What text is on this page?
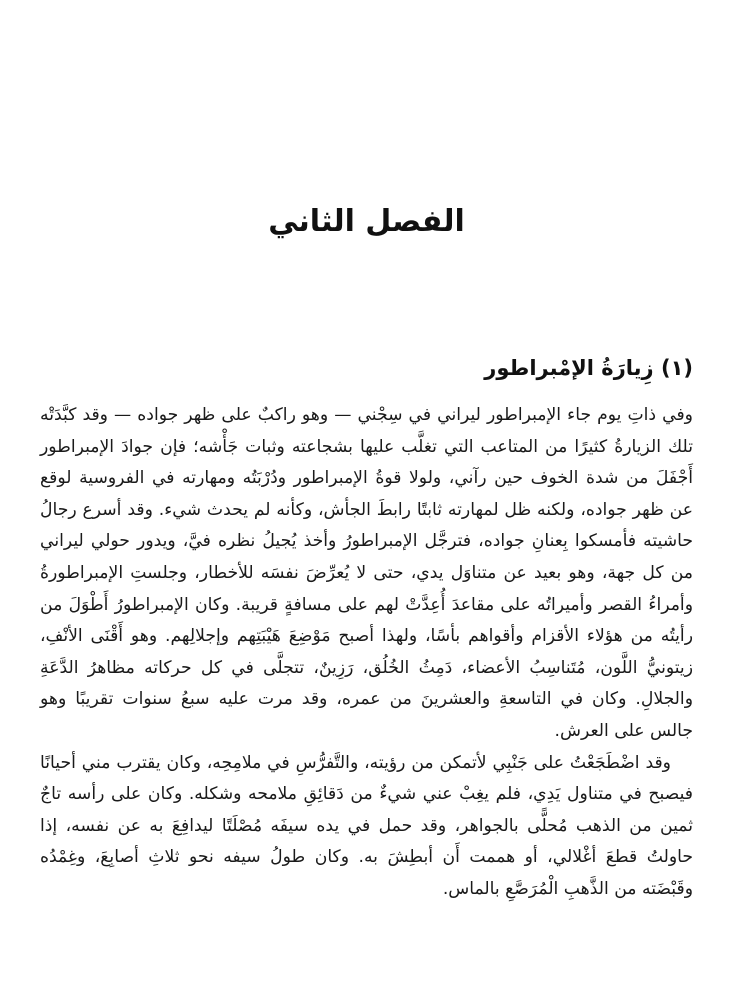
الفصل الثاني
(١) زِيارَةُ الإمْبراطور

وفي ذاتِ يوم جاء الإمبراطور ليراني في سِجْني — وهو راكبٌ على ظهر جواده — وقد كبَّدَتْه تلك الزيارةُ كثيرًا من المتاعب التي تغلَّب عليها بشجاعته وثبات جَأْشه؛ فإن جوادَ الإمبراطور أَجْفَلَ من شدة الخوف حين رآني، ولولا قوةُ الإمبراطور ودُرْبَتُه ومهارته في الفروسية لوقع عن ظهر جواده، ولكنه ظل لمهارته ثابتًا رابطَ الجأش، وكأنه لم يحدث شيء. وقد أسرع رجالُ حاشيته فأمسكوا بِعنانِ جواده، فترجَّل الإمبراطورُ وأخذ يُجيلُ نظره فيَّ، ويدور حولي ليراني من كل جهة، وهو بعيد عن متناوَل يدي، حتى لا يُعرِّضَ نفسَه للأخطار، وجلستِ الإمبراطورةُ وأمراءُ القصر وأميراتُه على مقاعدَ أُعِدَّتْ لهم على مسافةٍ قريبة. وكان الإمبراطورُ أَطْوَلَ من رأيتُه من هؤلاء الأقزام وأقواهم بأسًا، ولهذا أصبح مَوْضِعَ هَيْبَتِهم وإجلالِهم. وهو أَقْنَى الأنْفِ، زيتونيُّ اللَّون، مُتَناسِبُ الأعضاء، دَمِثُ الخُلُق، رَزِينٌ، تتجلَّى في كل حركاته مظاهرُ الدَّعَةِ والجلالِ. وكان في التاسعةِ والعشرينَ من عمره، وقد مرت عليه سبعُ سنوات تقريبًا وهو جالس على العرش.

وقد اضْطَجَعْتُ على جَنْبِي لأتمكن من رؤيته، والتَّفرُّسِ في ملامِحِه، وكان يقترب مني أحيانًا فيصبح في متناول يَدِي، فلم يغِبْ عني شيءٌ من دَقائِقِ ملامحه وشكله. وكان على رأسه تاجٌ ثمين من الذهب مُحلًّى بالجواهر، وقد حمل في يده سيفَه مُصْلَتًا ليدافِعَ به عن نفسه، إذا حاولتُ قطعَ أغْلالي، أو هممت أَن أبطِشَ به. وكان طولُ سيفه نحو ثلاثِ أصابِعَ، وغِمْدُه وقَبْضَته من الذَّهبِ الْمُرَصَّعِ بالماس.
